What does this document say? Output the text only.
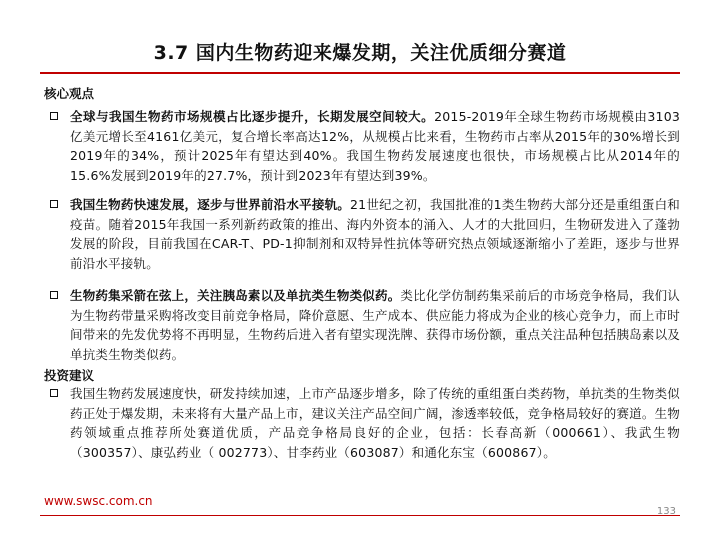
3.7 国内生物药迎来爆发期，关注优质细分赛道
核心观点
全球与我国生物药市场规模占比逐步提升，长期发展空间较大。2015-2019年全球生物药市场规模由3103亿美元增长至4161亿美元，复合增长率高达12%，从规模占比来看，生物药市占率从2015年的30%增长到2019年的34%，预计2025年有望达到40%。我国生物药发展速度也很快，市场规模占比从2014年的15.6%发展到2019年的27.7%，预计到2023年有望达到39%。
我国生物药快速发展，逐步与世界前沿水平接轨。21世纪之初，我国批准的1类生物药大部分还是重组蛋白和疫苗。随着2015年我国一系列新药政策的推出、海内外资本的涌入、人才的大批回归，生物研发进入了蓬勃发展的阶段，目前我国在CAR-T、PD-1抑制剂和双特异性抗体等研究热点领域逐渐缩小了差距，逐步与世界前沿水平接轨。
生物药集采箭在弦上，关注胰岛素以及单抗类生物类似药。类比化学仿制药集采前后的市场竞争格局，我们认为生物药带量采购将改变目前竞争格局，降价意愿、生产成本、供应能力将成为企业的核心竞争力，而上市时间带来的先发优势将不再明显，生物药后进入者有望实现洗牌、获得市场份额，重点关注品种包括胰岛素以及单抗类生物类似药。
投资建议
我国生物药发展速度快，研发持续加速，上市产品逐步增多，除了传统的重组蛋白类药物，单抗类的生物类似药正处于爆发期，未来将有大量产品上市，建议关注产品空间广阔，渗透率较低，竞争格局较好的赛道。生物药领域重点推荐所处赛道优质，产品竞争格局良好的企业，包括：长春高新（000661）、我武生物（300357）、康弘药业（ 002773）、甘李药业（603087）和通化东宝（600867）。
www.swsc.com.cn
133
